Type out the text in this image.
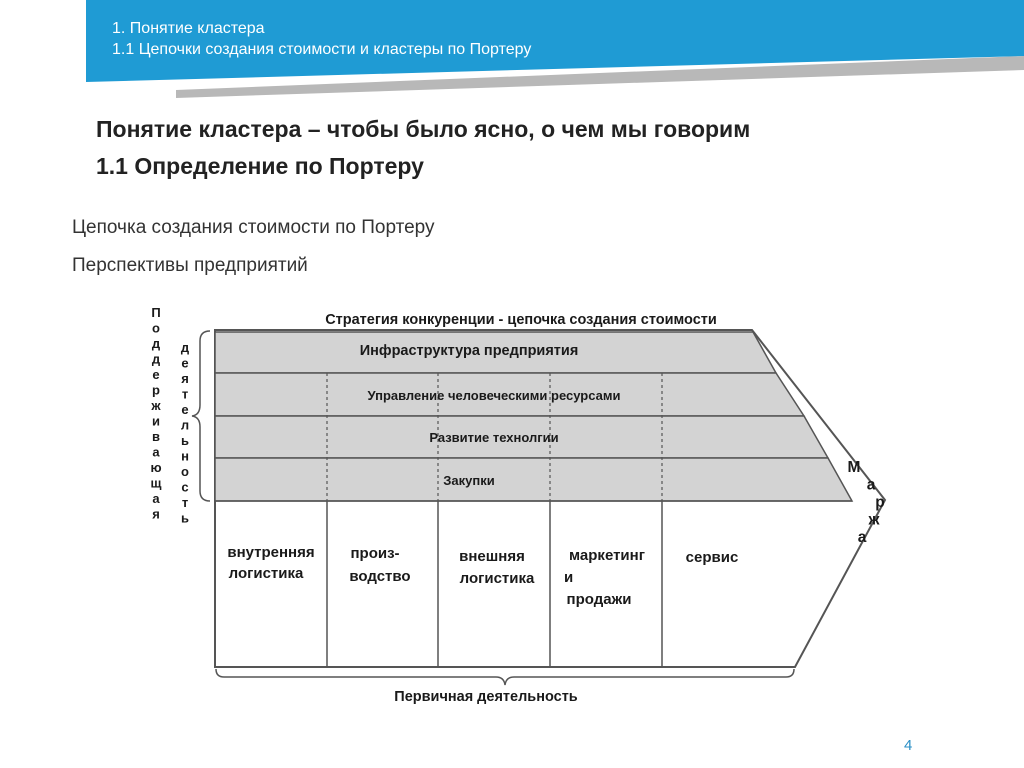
1. Понятие кластера
1.1 Цепочки создания стоимости и кластеры по Портеру
Понятие кластера – чтобы было ясно, о чем мы говорим
1.1 Определение по Портеру
Цепочка создания стоимости по Портеру
Перспективы предприятий
Стратегия конкуренции - цепочка создания стоимости
Инфраструктура предприятия
Управление человеческими ресурсами
Развитие технолгии
Закупки
внутренняя
логистика
произ-
водство
внешняя
логистика
маркетинг
и
продажи
сервис
П
о
д
д
е
р
ж
и
в
а
ю
щ
а
я
д
е
я
т
е
л
ь
н
о
с
т
ь
М
а
р
ж
а
Первичная деятельность
4
